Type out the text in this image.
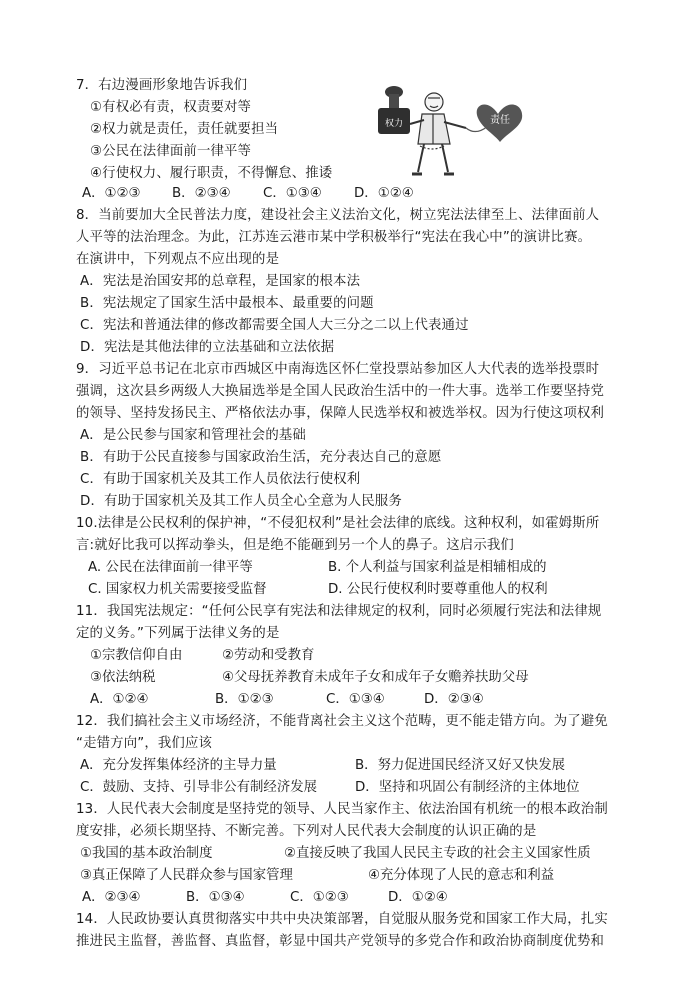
7．右边漫画形象地告诉我们
①有权必有责，权责要对等
②权力就是责任，责任就要担当
③公民在法律面前一律平等
④行使权力、履行职责，不得懈怠、推诿
A．①②③ B．②③④ C．①③④ D．①②④
权力	责任
8．当前要加大全民普法力度，建设社会主义法治文化，树立宪法法律至上、法律面前人
人平等的法治理念。为此，江苏连云港市某中学积极举行“宪法在我心中”的演讲比赛。
在演讲中，下列观点不应出现的是
A．宪法是治国安邦的总章程，是国家的根本法
B．宪法规定了国家生活中最根本、最重要的问题
C．宪法和普通法律的修改都需要全国人大三分之二以上代表通过
D．宪法是其他法律的立法基础和立法依据
9．习近平总书记在北京市西城区中南海选区怀仁堂投票站参加区人大代表的选举投票时
强调，这次县乡两级人大换届选举是全国人民政治生活中的一件大事。选举工作要坚持党
的领导、坚持发扬民主、严格依法办事，保障人民选举权和被选举权。因为行使这项权利
A．是公民参与国家和管理社会的基础
B．有助于公民直接参与国家政治生活，充分表达自己的意愿
C．有助于国家机关及其工作人员依法行使权利
D．有助于国家机关及其工作人员全心全意为人民服务
10.法律是公民权利的保护神，“不侵犯权利”是社会法律的底线。这种权利，如霍姆斯所
言:就好比我可以挥动拳头，但是绝不能砸到另一个人的鼻子。这启示我们
A. 公民在法律面前一律平等	B. 个人利益与国家利益是相辅相成的
C. 国家权力机关需要接受监督	D. 公民行使权利时要尊重他人的权利
11．我国宪法规定：“任何公民享有宪法和法律规定的权利，同时必须履行宪法和法律规
定的义务。”下列属于法律义务的是
①宗教信仰自由	②劳动和受教育
③依法纳税	④父母抚养教育未成年子女和成年子女赡养扶助父母
A．①②④	B．①②③	C．①③④	D．②③④
12．我们搞社会主义市场经济，不能背离社会主义这个范畴，更不能走错方向。为了避免
“走错方向”，我们应该
A．充分发挥集体经济的主导力量	B．努力促进国民经济又好又快发展
C．鼓励、支持、引导非公有制经济发展	D．坚持和巩固公有制经济的主体地位
13．人民代表大会制度是坚持党的领导、人民当家作主、依法治国有机统一的根本政治制
度安排，必须长期坚持、不断完善。下列对人民代表大会制度的认识正确的是
①我国的基本政治制度	②直接反映了我国人民民主专政的社会主义国家性质
③真正保障了人民群众参与国家管理	④充分体现了人民的意志和利益
A．②③④	B．①③④	C．①②③	D．①②④
14．人民政协要认真贯彻落实中共中央决策部署，自觉服从服务党和国家工作大局，扎实
推进民主监督，善监督、真监督，彰显中国共产党领导的多党合作和政治协商制度优势和
